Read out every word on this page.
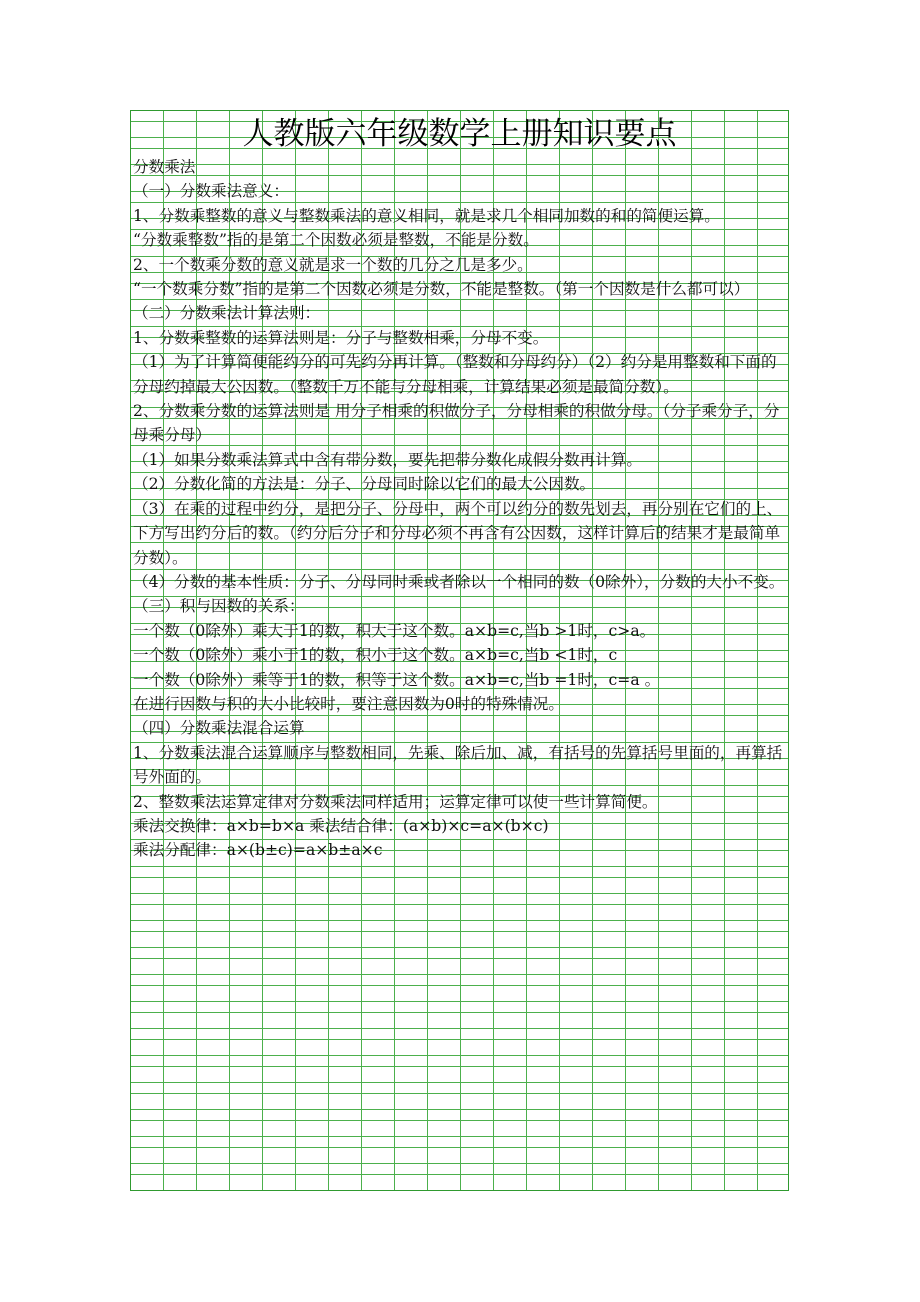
人教版六年级数学上册知识要点
分数乘法
（一）分数乘法意义：
1、分数乘整数的意义与整数乘法的意义相同，就是求几个相同加数的和的简便运算。
“分数乘整数”指的是第二个因数必须是整数，不能是分数。
2、一个数乘分数的意义就是求一个数的几分之几是多少。
“一个数乘分数”指的是第二个因数必须是分数，不能是整数。（第一个因数是什么都可以）
（二）分数乘法计算法则：
1、分数乘整数的运算法则是：分子与整数相乘，分母不变。
（1）为了计算简便能约分的可先约分再计算。（整数和分母约分）（2）约分是用整数和下面的分母约掉最大公因数。（整数千万不能与分母相乘，计算结果必须是最简分数）。
2、分数乘分数的运算法则是 用分子相乘的积做分子，分母相乘的积做分母。（分子乘分子，分母乘分母）
（1）如果分数乘法算式中含有带分数，要先把带分数化成假分数再计算。
（2）分数化简的方法是：分子、分母同时除以它们的最大公因数。
（3）在乘的过程中约分，是把分子、分母中，两个可以约分的数先划去，再分别在它们的上、下方写出约分后的数。（约分后分子和分母必须不再含有公因数，这样计算后的结果才是最简单分数）。
（4）分数的基本性质：分子、分母同时乘或者除以一个相同的数（0除外），分数的大小不变。
（三）积与因数的关系：
一个数（0除外）乘大于1的数，积大于这个数。a×b=c,当b >1时，c>a。
一个数（0除外）乘小于1的数，积小于这个数。a×b=c,当b <1时，c
一个数（0除外）乘等于1的数，积等于这个数。a×b=c,当b =1时，c=a 。
在进行因数与积的大小比较时，要注意因数为0时的特殊情况。
（四）分数乘法混合运算
1、分数乘法混合运算顺序与整数相同，先乘、除后加、减，有括号的先算括号里面的，再算括号外面的。
2、整数乘法运算定律对分数乘法同样适用；运算定律可以使一些计算简便。
乘法交换律：a×b=b×a 乘法结合律：(a×b)×c=a×(b×c)
乘法分配律：a×(b±c)=a×b±a×c
